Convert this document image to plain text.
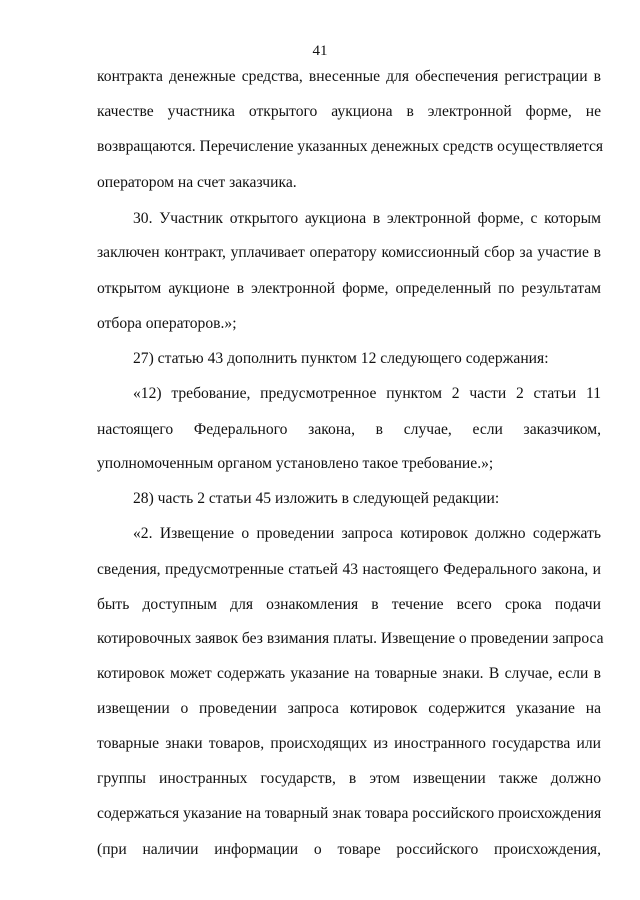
41
контракта денежные средства, внесенные для обеспечения регистрации в
качестве участника открытого аукциона в электронной форме, не
возвращаются. Перечисление указанных денежных средств осуществляется
оператором на счет заказчика.
30. Участник открытого аукциона в электронной форме, с которым
заключен контракт, уплачивает оператору комиссионный сбор за участие в
открытом аукционе в электронной форме, определенный по результатам
отбора операторов.»;
27) статью 43 дополнить пунктом 12 следующего содержания:
«12) требование, предусмотренное пунктом 2 части 2 статьи 11
настоящего Федерального закона, в случае, если заказчиком,
уполномоченным органом установлено такое требование.»;
28) часть 2 статьи 45 изложить в следующей редакции:
«2. Извещение о проведении запроса котировок должно содержать
сведения, предусмотренные статьей 43 настоящего Федерального закона, и
быть доступным для ознакомления в течение всего срока подачи
котировочных заявок без взимания платы. Извещение о проведении запроса
котировок может содержать указание на товарные знаки. В случае, если в
извещении о проведении запроса котировок содержится указание на
товарные знаки товаров, происходящих из иностранного государства или
группы иностранных государств, в этом извещении также должно
содержаться указание на товарный знак товара российского происхождения
(при наличии информации о товаре российского происхождения,
